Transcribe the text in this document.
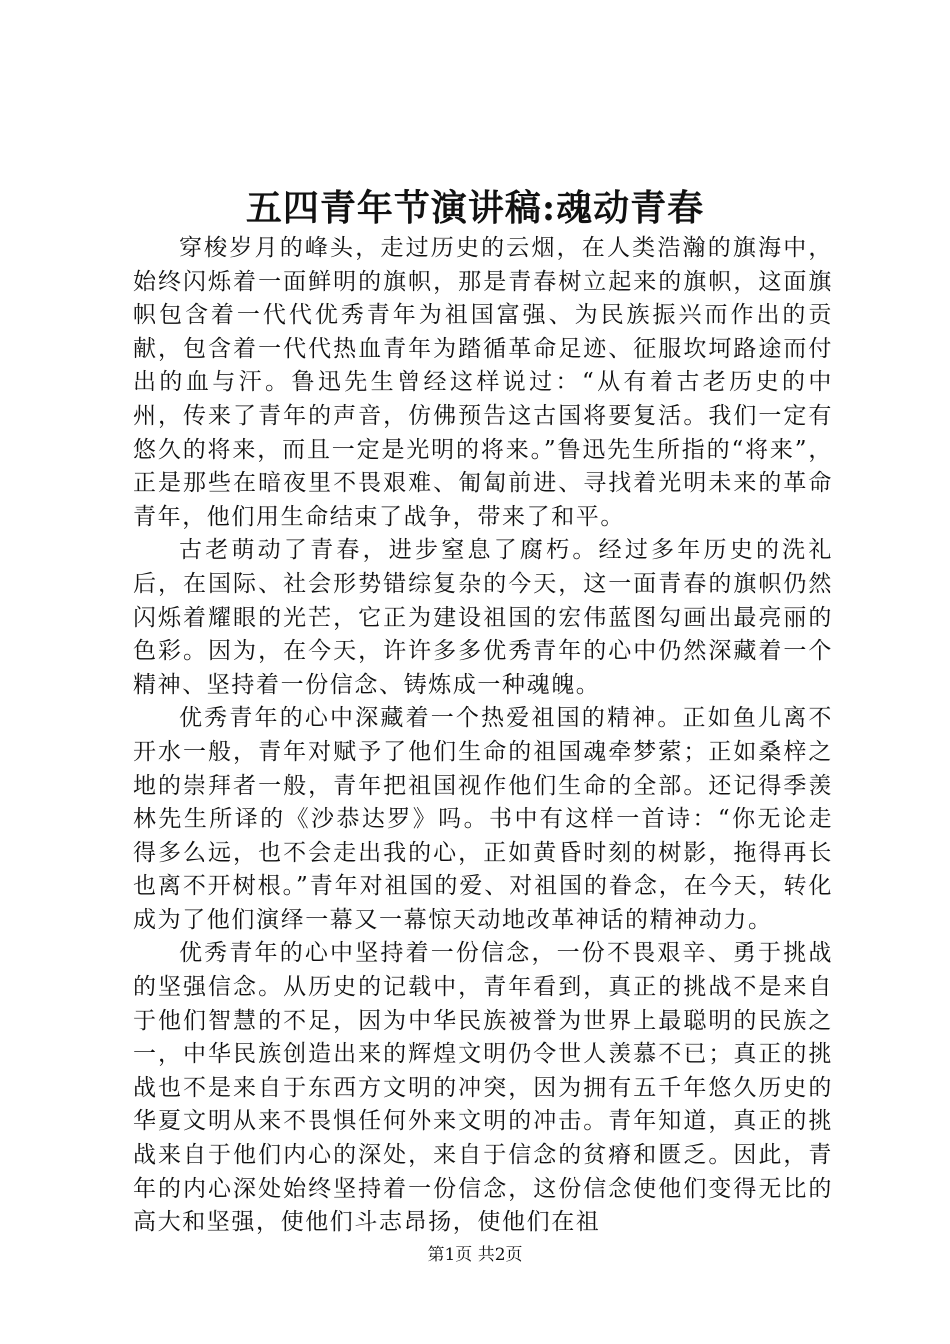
五四青年节演讲稿:魂动青春

穿梭岁月的峰头，走过历史的云烟，在人类浩瀚的旗海中，始终闪烁着一面鲜明的旗帜，那是青春树立起来的旗帜，这面旗帜包含着一代代优秀青年为祖国富强、为民族振兴而作出的贡献，包含着一代代热血青年为踏循革命足迹、征服坎坷路途而付出的血与汗。鲁迅先生曾经这样说过：“从有着古老历史的中州，传来了青年的声音，仿佛预告这古国将要复活。我们一定有悠久的将来，而且一定是光明的将来。”鲁迅先生所指的“将来”，正是那些在暗夜里不畏艰难、匍匐前进、寻找着光明未来的革命青年，他们用生命结束了战争，带来了和平。

古老萌动了青春，进步窒息了腐朽。经过多年历史的洗礼后，在国际、社会形势错综复杂的今天，这一面青春的旗帜仍然闪烁着耀眼的光芒，它正为建设祖国的宏伟蓝图勾画出最亮丽的色彩。因为，在今天，许许多多优秀青年的心中仍然深藏着一个精神、坚持着一份信念、铸炼成一种魂魄。

优秀青年的心中深藏着一个热爱祖国的精神。正如鱼儿离不开水一般，青年对赋予了他们生命的祖国魂牵梦萦；正如桑梓之地的崇拜者一般，青年把祖国视作他们生命的全部。还记得季羡林先生所译的《沙恭达罗》吗。书中有这样一首诗：“你无论走得多么远，也不会走出我的心，正如黄昏时刻的树影，拖得再长也离不开树根。”青年对祖国的爱、对祖国的眷念，在今天，转化成为了他们演绎一幕又一幕惊天动地改革神话的精神动力。

优秀青年的心中坚持着一份信念，一份不畏艰辛、勇于挑战的坚强信念。从历史的记载中，青年看到，真正的挑战不是来自于他们智慧的不足，因为中华民族被誉为世界上最聪明的民族之一，中华民族创造出来的辉煌文明仍令世人羡慕不已；真正的挑战也不是来自于东西方文明的冲突，因为拥有五千年悠久历史的华夏文明从来不畏惧任何外来文明的冲击。青年知道，真正的挑战来自于他们内心的深处，来自于信念的贫瘠和匮乏。因此，青年的内心深处始终坚持着一份信念，这份信念使他们变得无比的高大和坚强，使他们斗志昂扬，使他们在祖

第1页 共2页
